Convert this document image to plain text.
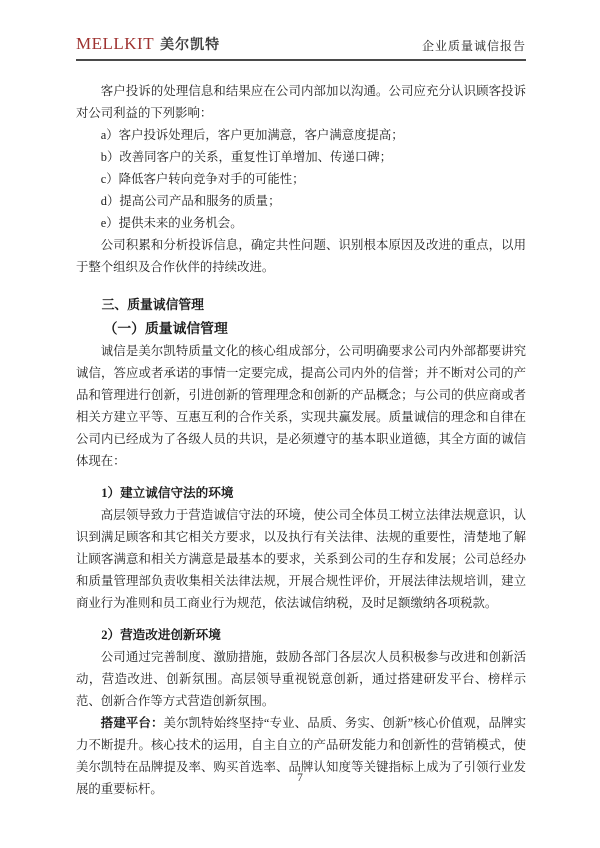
MELLKIT 美尔凯特	企业质量诚信报告

客户投诉的处理信息和结果应在公司内部加以沟通。公司应充分认识顾客投诉对公司利益的下列影响：

a）客户投诉处理后，客户更加满意，客户满意度提高；

b）改善同客户的关系，重复性订单增加、传递口碑；

c）降低客户转向竞争对手的可能性；

d）提高公司产品和服务的质量；

e）提供未来的业务机会。

公司积累和分析投诉信息，确定共性问题、识别根本原因及改进的重点，以用于整个组织及合作伙伴的持续改进。

三、质量诚信管理

（一）质量诚信管理

诚信是美尔凯特质量文化的核心组成部分，公司明确要求公司内外部都要讲究诚信，答应或者承诺的事情一定要完成，提高公司内外的信誉；并不断对公司的产品和管理进行创新，引进创新的管理理念和创新的产品概念；与公司的供应商或者相关方建立平等、互惠互利的合作关系，实现共赢发展。质量诚信的理念和自律在公司内已经成为了各级人员的共识，是必须遵守的基本职业道德，其全方面的诚信体现在：

1）建立诚信守法的环境

高层领导致力于营造诚信守法的环境，使公司全体员工树立法律法规意识，认识到满足顾客和其它相关方要求，以及执行有关法律、法规的重要性，清楚地了解让顾客满意和相关方满意是最基本的要求，关系到公司的生存和发展；公司总经办和质量管理部负责收集相关法律法规，开展合规性评价，开展法律法规培训，建立商业行为准则和员工商业行为规范，依法诚信纳税，及时足额缴纳各项税款。

2）营造改进创新环境

公司通过完善制度、激励措施，鼓励各部门各层次人员积极参与改进和创新活动，营造改进、创新氛围。高层领导重视锐意创新，通过搭建研发平台、榜样示范、创新合作等方式营造创新氛围。

搭建平台：美尔凯特始终坚持“专业、品质、务实、创新”核心价值观，品牌实力不断提升。核心技术的运用，自主自立的产品研发能力和创新性的营销模式，使美尔凯特在品牌提及率、购买首选率、品牌认知度等关键指标上成为了引领行业发展的重要标杆。

7
